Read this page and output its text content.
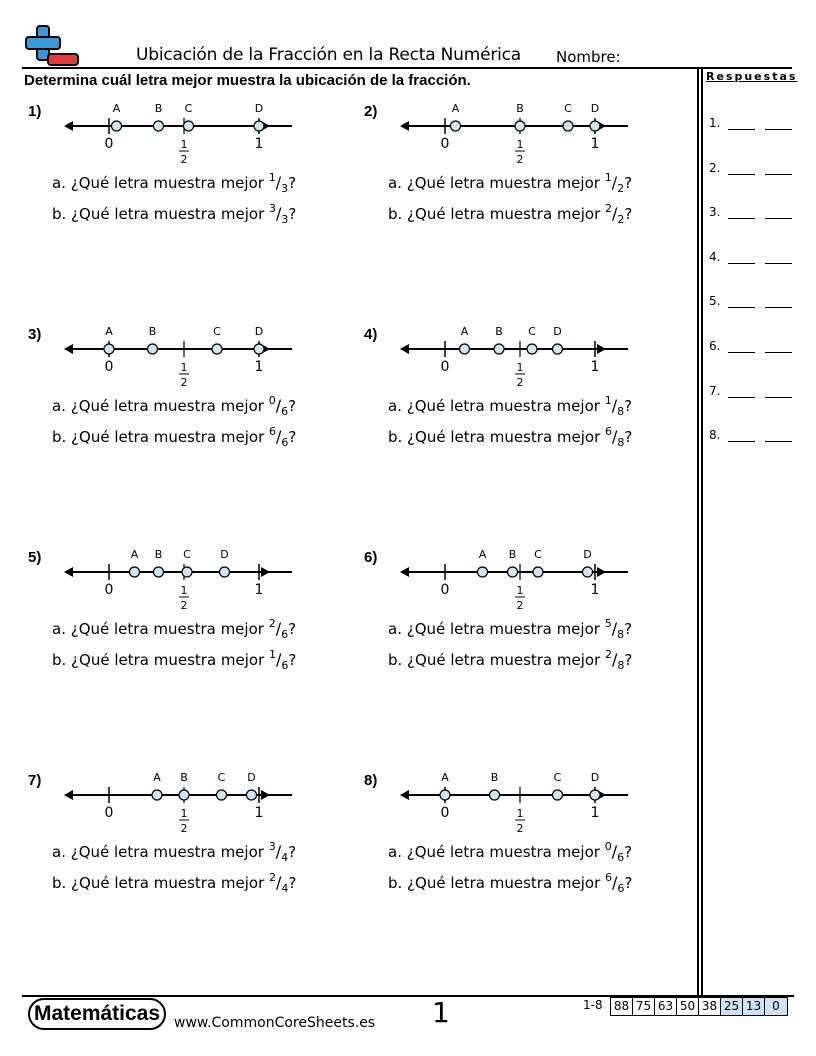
Ubicación de la Fracción en la Recta Numérica Nombre:
Determina cuál letra mejor muestra la ubicación de la fracción.	Respuestas
1.
2.
3.
4.
5.
6.
7.
8.
1)
0	1
2
1
A	B C	D
a. ¿Qué letra muestra mejor $^1/_3$?
b. ¿Qué letra muestra mejor $^3/_3$?
2)
0	1
2
1
A	B	C D
a. ¿Qué letra muestra mejor $^1/_2$?
b. ¿Qué letra muestra mejor $^2/_2$?
3)
0	1
2
1
A	B	C	D
a. ¿Qué letra muestra mejor $^0/_6$?
b. ¿Qué letra muestra mejor $^6/_6$?
4)
0	1
2
1
A B C D
a. ¿Qué letra muestra mejor $^1/_8$?
b. ¿Qué letra muestra mejor $^6/_8$?
5)
0	1
2
1
A B C	D
a. ¿Qué letra muestra mejor $^2/_6$?
b. ¿Qué letra muestra mejor $^1/_6$?
6)
0	1
2
1
A B C	D
a. ¿Qué letra muestra mejor $^5/_8$?
b. ¿Qué letra muestra mejor $^2/_8$?
7)
0	1
2
1
A B	C D
a. ¿Qué letra muestra mejor $^3/_4$?
b. ¿Qué letra muestra mejor $^2/_4$?
8)
0	1
2
1
A	B	C	D
a. ¿Qué letra muestra mejor $^0/_6$?
b. ¿Qué letra muestra mejor $^6/_6$?
Matemáticas www.CommonCoreSheets.es 1	1-8 88 75 63 50 38 25 13 0
